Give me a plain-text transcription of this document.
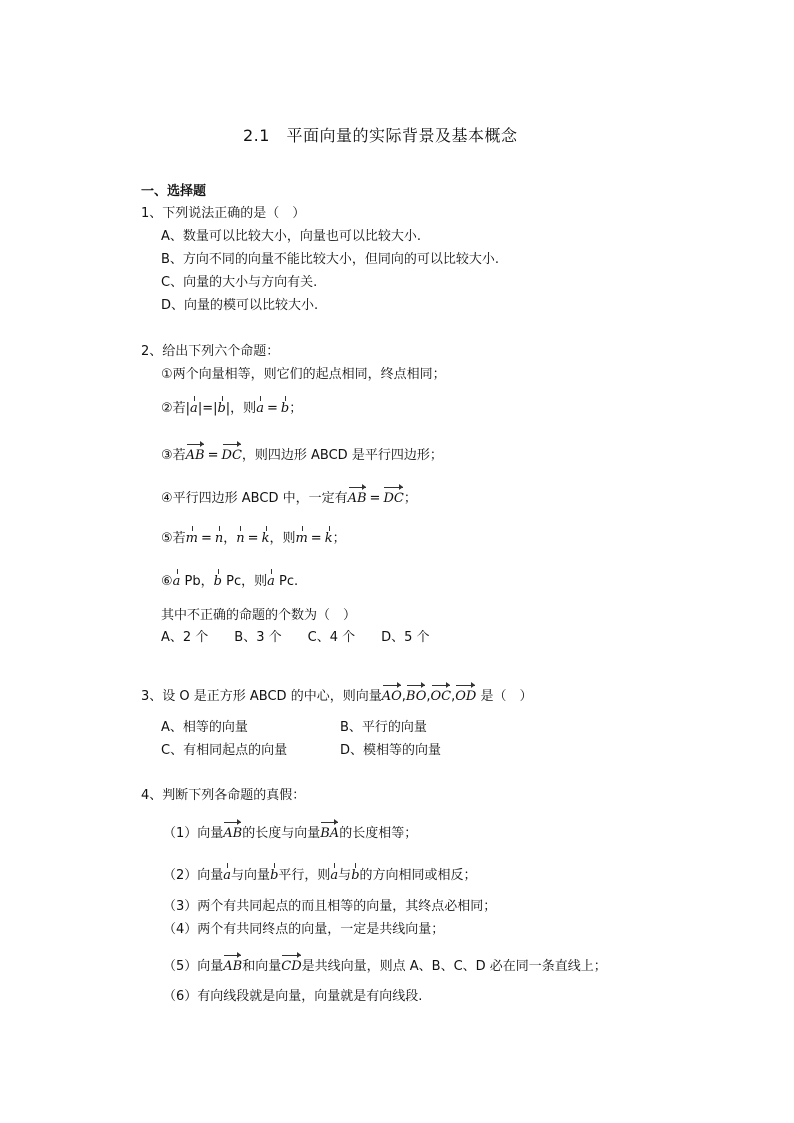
2.1　平面向量的实际背景及基本概念
一、选择题
1、下列说法正确的是（　）
A、数量可以比较大小，向量也可以比较大小.
B、方向不同的向量不能比较大小，但同向的可以比较大小.
C、向量的大小与方向有关.
D、向量的模可以比较大小.
2、给出下列六个命题：
①两个向量相等，则它们的起点相同，终点相同；
②若|a|=|b|，则a = b；
③若AB = DC，则四边形 ABCD 是平行四边形；
④平行四边形 ABCD 中，一定有AB = DC；
⑤若m = n，n = k，则m = k；
⑥a Pb，b Pc，则a Pc.
其中不正确的命题的个数为（　）
A、2 个　　B、3 个　　C、4 个　　D、5 个
3、设 O 是正方形 ABCD 的中心，则向量AO,BO,OC,OD 是（　）
A、相等的向量	B、平行的向量
C、有相同起点的向量	D、模相等的向量
4、判断下列各命题的真假：
（1）向量AB的长度与向量BA的长度相等；
（2）向量a与向量b平行，则a与b的方向相同或相反；
（3）两个有共同起点的而且相等的向量，其终点必相同；
（4）两个有共同终点的向量，一定是共线向量；
（5）向量AB和向量CD是共线向量，则点 A、B、C、D 必在同一条直线上；
（6）有向线段就是向量，向量就是有向线段.
